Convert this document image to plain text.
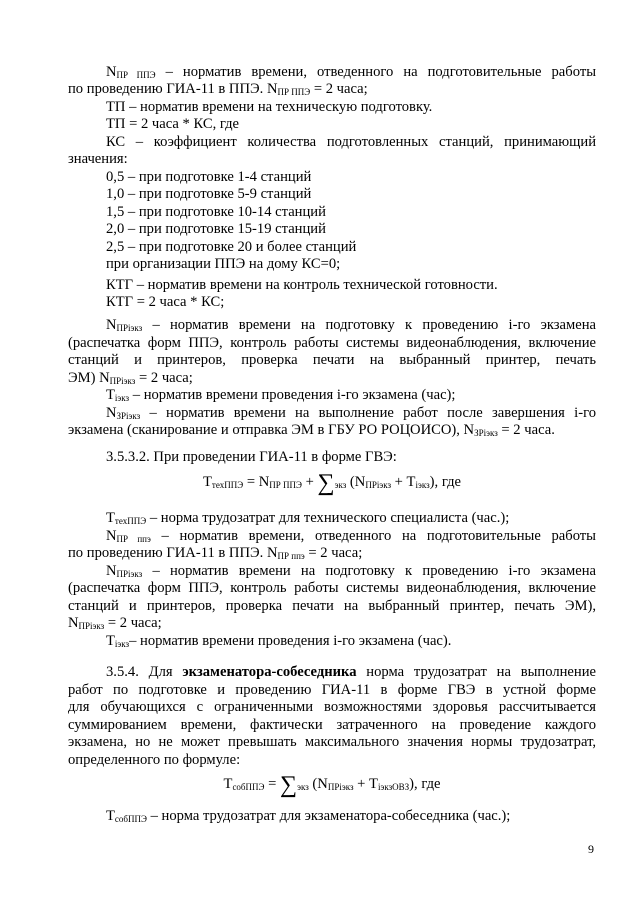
$N_{ПР ППЭ}$ – норматив времени, отведенного на подготовительные работы

по проведению ГИА-11 в ППЭ. $N_{ПР ППЭ} = 2$ часа;

ТП – норматив времени на техническую подготовку.

ТП = 2 часа * КС, где

КС – коэффициент количества подготовленных станций, принимающий

значения:

0,5 – при подготовке 1-4 станций

1,0 – при подготовке 5-9 станций

1,5 – при подготовке 10-14 станций

2,0 – при подготовке 15-19 станций

2,5 – при подготовке 20 и более станций

при организации ППЭ на дому КС=0;

КТГ – норматив времени на контроль технической готовности.

КТГ = 2 часа * КС;

$N_{ПРiэкз}$ – норматив времени на подготовку к проведению i-го экзамена

(распечатка форм ППЭ, контроль работы системы видеонаблюдения, включение

станций и принтеров, проверка печати на выбранный принтер, печать

ЭМ) $N_{ПРiэкз} = 2$ часа;

$T_{iэкз}$ – норматив времени проведения i-го экзамена (час);

$N_{ЗРiэкз}$ – норматив времени на выполнение работ после завершения i-го

экзамена (сканирование и отправка ЭМ в ГБУ РО РОЦОИСО), $N_{ЗРiэкз} = 2$ часа.

3.5.3.2. При проведении ГИА-11 в форме ГВЭ:

$T_{техППЭ} = N_{ПР ППЭ} + \sum_{экз}$ $(N_{ПРiэкз} + T_{iэкз})$, где

$T_{техППЭ}$ – норма трудозатрат для технического специалиста (час.);

$N_{ПР ппэ}$ – норматив времени, отведенного на подготовительные работы

по проведению ГИА-11 в ППЭ. $N_{ПР ппэ} = 2$ часа;

$N_{ПРiэкз}$ – норматив времени на подготовку к проведению i-го экзамена

(распечатка форм ППЭ, контроль работы системы видеонаблюдения, включение

станций и принтеров, проверка печати на выбранный принтер, печать ЭМ),

$N_{ПРiэкз} = 2$ часа;

$T_{iэкз}-$ норматив времени проведения i-го экзамена (час).

3.5.4. Для экзаменатора-собеседника норма трудозатрат на выполнение

работ по подготовке и проведению ГИА-11 в форме ГВЭ в устной форме

для обучающихся с ограниченными возможностями здоровья рассчитывается

суммированием времени, фактически затраченного на проведение каждого

экзамена, но не может превышать максимального значения нормы трудозатрат,

определенного по формуле:

$T_{собППЭ} = \sum_{экз}$ $(N_{ПРiэкз} + T_{iэкзОВЗ})$, где

$T_{собППЭ}$ – норма трудозатрат для экзаменатора-собеседника (час.);

9
